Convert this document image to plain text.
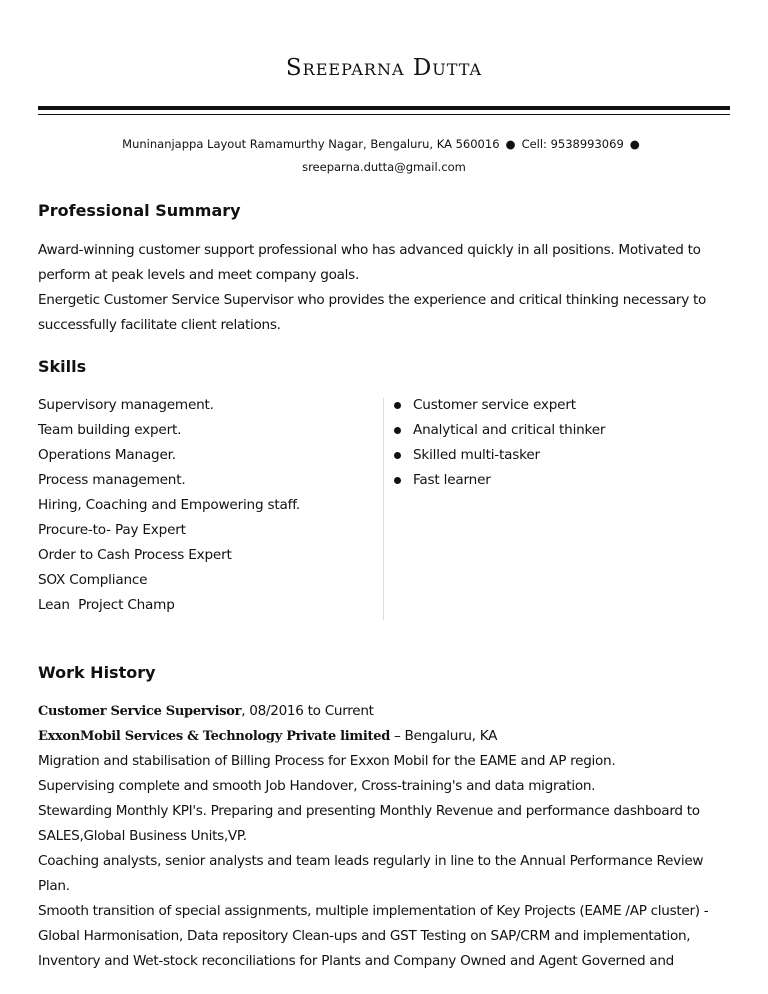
Sreeparna Dutta
Muninanjappa Layout Ramamurthy Nagar, Bengaluru, KA 560016 ● Cell: 9538993069 ●
sreeparna.dutta@gmail.com
Professional Summary
Award-winning customer support professional who has advanced quickly in all positions. Motivated to
perform at peak levels and meet company goals.
Energetic Customer Service Supervisor who provides the experience and critical thinking necessary to
successfully facilitate client relations.
Skills
Supervisory management.
Team building expert.
Operations Manager.
Process management.
Hiring, Coaching and Empowering staff.
Procure-to- Pay Expert
Order to Cash Process Expert
SOX Compliance
Lean  Project Champ
Customer service expert
Analytical and critical thinker
Skilled multi-tasker
Fast learner
Work History
Customer Service Supervisor, 08/2016 to Current
ExxonMobil Services & Technology Private limited – Bengaluru, KA
Migration and stabilisation of Billing Process for Exxon Mobil for the EAME and AP region.
Supervising complete and smooth Job Handover, Cross-training's and data migration.
Stewarding Monthly KPI's. Preparing and presenting Monthly Revenue and performance dashboard to
SALES,Global Business Units,VP.
Coaching analysts, senior analysts and team leads regularly in line to the Annual Performance Review
Plan.
Smooth transition of special assignments, multiple implementation of Key Projects (EAME /AP cluster) -
Global Harmonisation, Data repository Clean-ups and GST Testing on SAP/CRM and implementation,
Inventory and Wet-stock reconciliations for Plants and Company Owned and Agent Governed and
